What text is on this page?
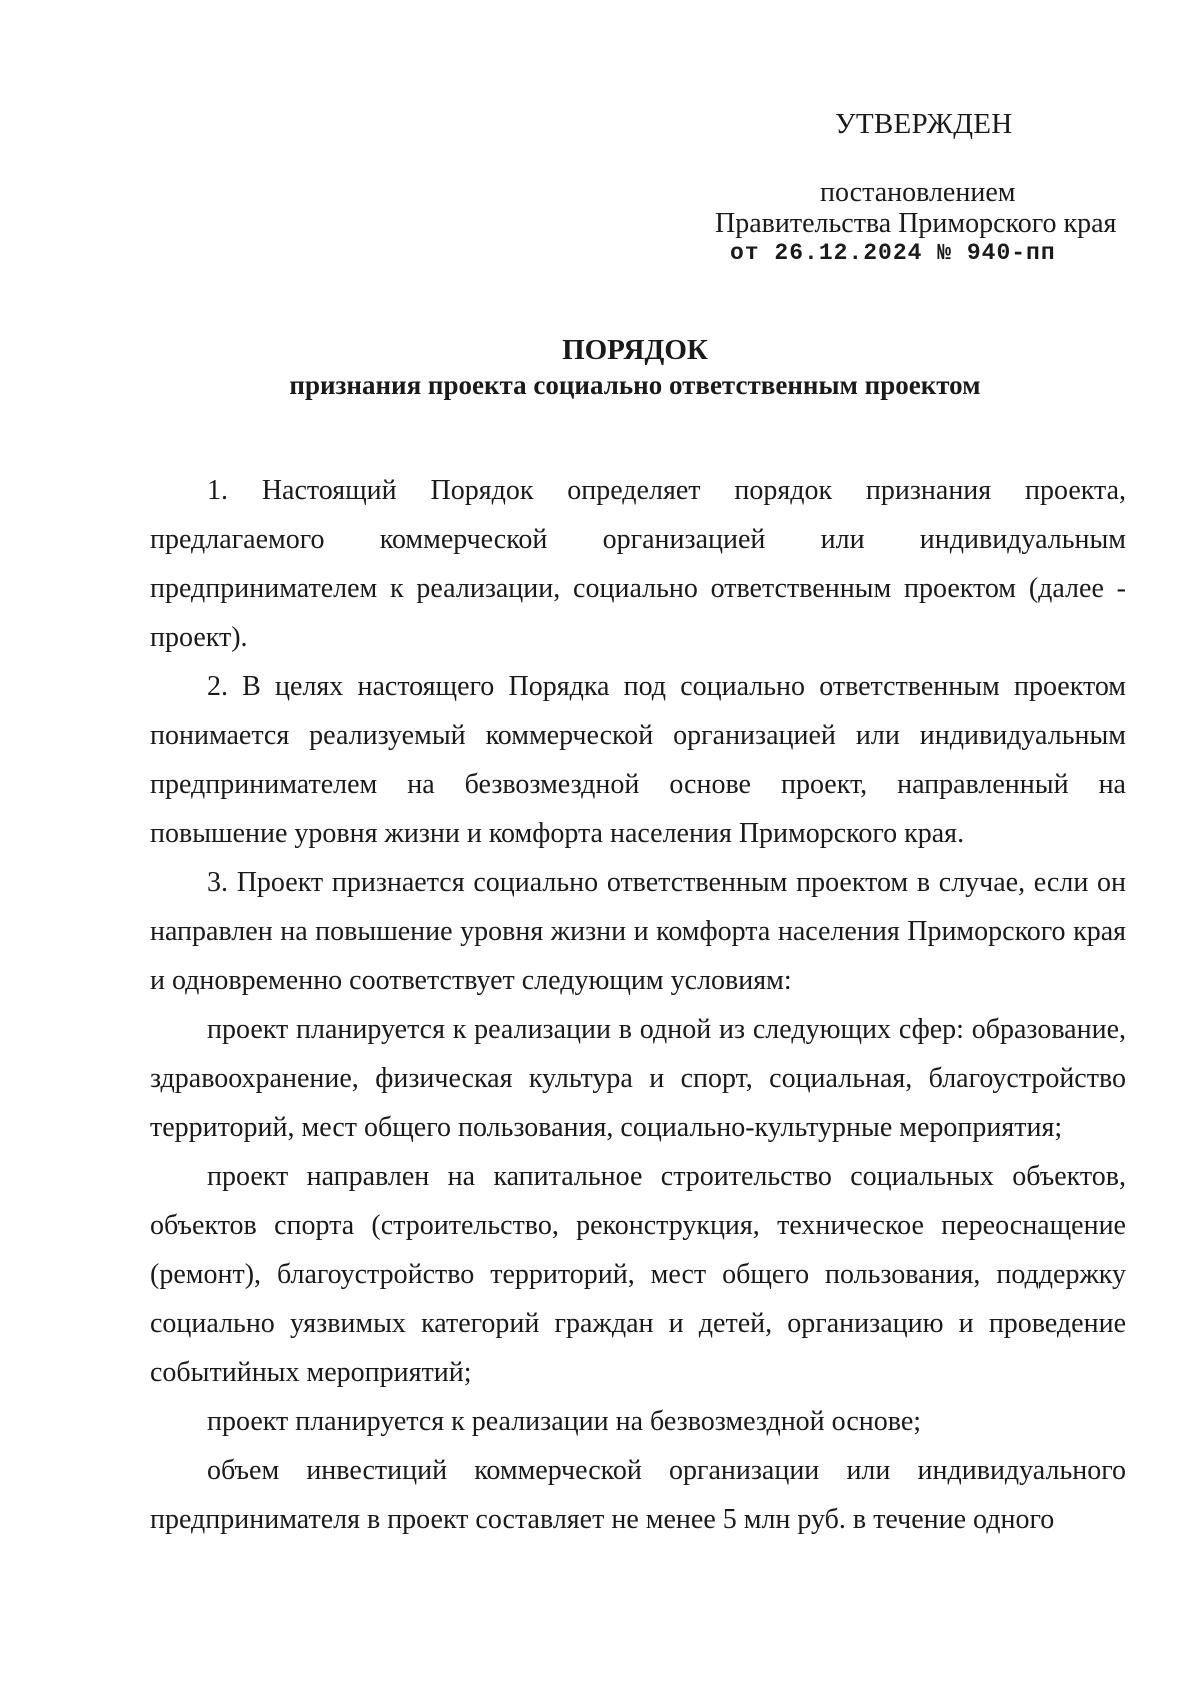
УТВЕРЖДЕН
постановлением
Правительства Приморского края
от 26.12.2024 № 940-пп
ПОРЯДОК
признания проекта социально ответственным проектом

1. Настоящий Порядок определяет порядок признания проекта, предлагаемого коммерческой организацией или индивидуальным предпринимателем к реализации, социально ответственным проектом (далее - проект).

2. В целях настоящего Порядка под социально ответственным проектом понимается реализуемый коммерческой организацией или индивидуальным предпринимателем на безвозмездной основе проект, направленный на повышение уровня жизни и комфорта населения Приморского края.

3. Проект признается социально ответственным проектом в случае, если он направлен на повышение уровня жизни и комфорта населения Приморского края и одновременно соответствует следующим условиям:

проект планируется к реализации в одной из следующих сфер: образование, здравоохранение, физическая культура и спорт, социальная, благоустройство территорий, мест общего пользования, социально-культурные мероприятия;

проект направлен на капитальное строительство социальных объектов, объектов спорта (строительство, реконструкция, техническое переоснащение (ремонт), благоустройство территорий, мест общего пользования, поддержку социально уязвимых категорий граждан и детей, организацию и проведение событийных мероприятий;

проект планируется к реализации на безвозмездной основе;

объем инвестиций коммерческой организации или индивидуального предпринимателя в проект составляет не менее 5 млн руб. в течение одного
